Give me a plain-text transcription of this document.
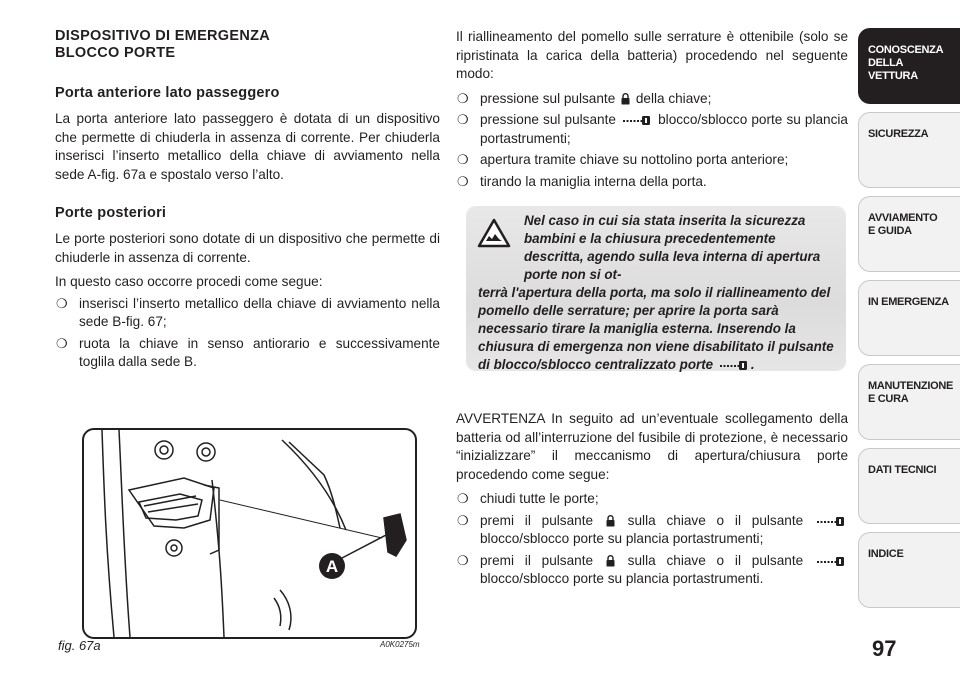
DISPOSITIVO DI EMERGENZA
BLOCCO PORTE

Porta anteriore lato passeggero

La porta anteriore lato passeggero è dotata di un dispositivo che permette di chiuderla in assenza di corrente. Per chiuderla inserisci l’inserto metallico della chiave di avviamento nella sede A-fig. 67a e spostalo verso l’alto.

Porte posteriori

Le porte posteriori sono dotate di un dispositivo che permette di chiuderle in assenza di corrente.

In questo caso occorre procedi come segue:

❍ inserisci l’inserto metallico della chiave di avviamento nella sede B-fig. 67;
❍ ruota la chiave in senso antiorario e successivamente toglila dalla sede B.

Il riallineamento del pomello sulle serrature è ottenibile (solo se ripristinata la carica della batteria) procedendo nel seguente modo:

❍ pressione sul pulsante  della chiave;
❍ pressione sul pulsante	blocco/sblocco porte su plancia portastrumenti;
❍ apertura tramite chiave su nottolino porta anteriore;
❍ tirando la maniglia interna della porta.
Nel caso in cui sia stata inserita la sicurezza bambini e la chiusura precedentemente descritta, agendo sulla leva interna di apertura porte non si ot-
terrà l'apertura della porta, ma solo il riallineamento del pomello delle serrature; per aprire la porta sarà necessario tirare la maniglia esterna. Inserendo la chiusura di emergenza non viene disabilitato il pulsante di blocco/sblocco centralizzato porte	.

AVVERTENZA In seguito ad un’eventuale scollegamento della batteria od all’interruzione del fusibile di protezione, è necessario “inizializzare” il meccanismo di apertura/chiusura porte procedendo come segue:

❍ chiudi tutte le porte;
❍ premi il pulsante  sulla chiave o il pulsante  blocco/sblocco porte su plancia portastrumenti;
❍ premi il pulsante  sulla chiave o il pulsante  blocco/sblocco porte su plancia portastrumenti.
A
fig. 67a	A0K0275m
CONOSCENZA
DELLA
VETTURA
SICUREZZA
AVVIAMENTO
E GUIDA
IN EMERGENZA
MANUTENZIONE
E CURA
DATI TECNICI
INDICE
97
